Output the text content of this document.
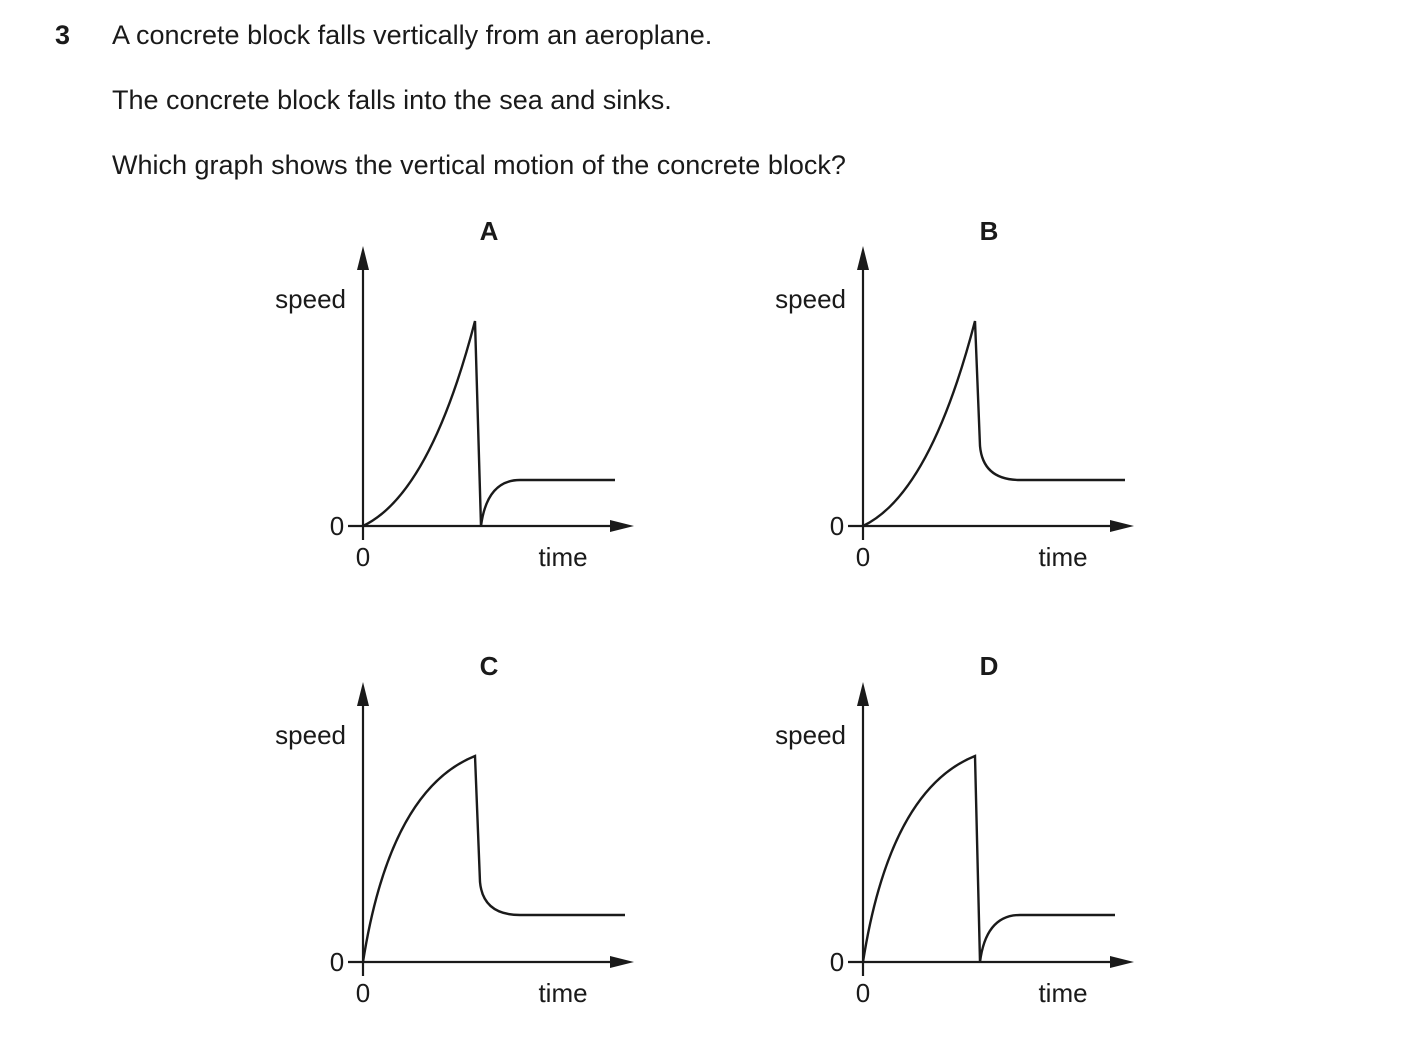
3 A concrete block falls vertically from an aeroplane.
The concrete block falls into the sea and sinks.
Which graph shows the vertical motion of the concrete block?
A
speed
0
0	time
B
speed
0
0	time
C
speed
0
0	time
D
speed
0
0	time
